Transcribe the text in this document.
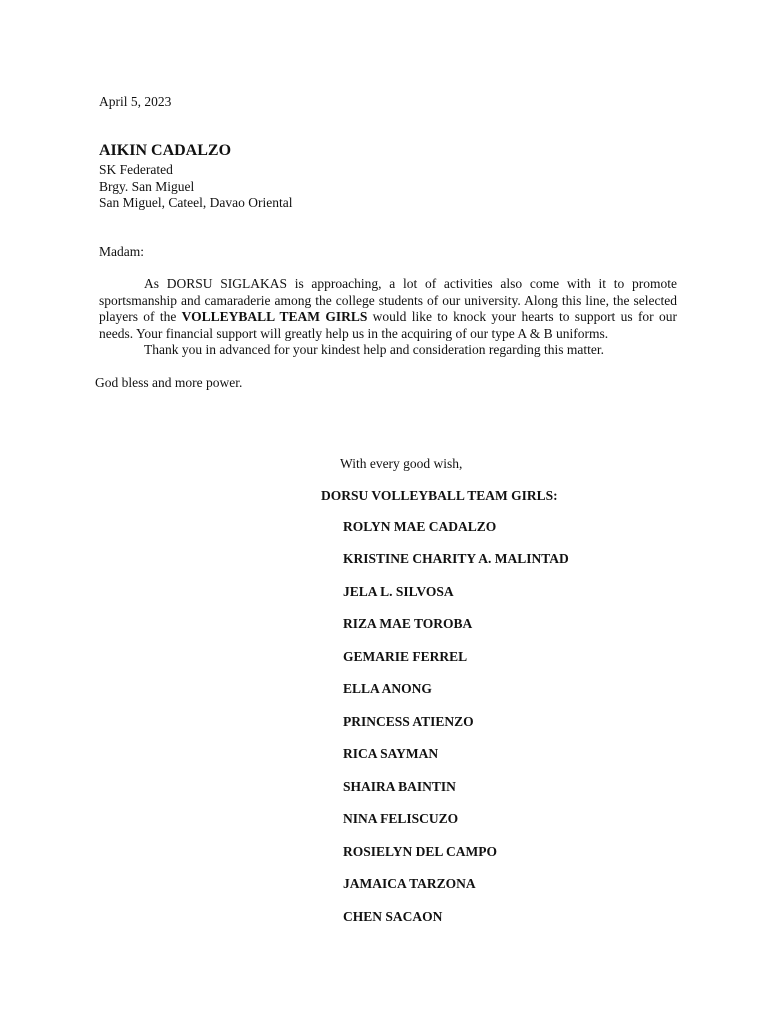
April 5, 2023
AIKIN CADALZO
SK Federated
Brgy. San Miguel
San Miguel, Cateel, Davao Oriental
Madam:

As DORSU SIGLAKAS is approaching, a lot of activities also come with it to promote sportsmanship and camaraderie among the college students of our university. Along this line, the selected players of the VOLLEYBALL TEAM GIRLS would like to knock your hearts to support us for our needs. Your financial support will greatly help us in the acquiring of our type A & B uniforms.

Thank you in advanced for your kindest help and consideration regarding this matter.

God bless and more power.
With every good wish,
DORSU VOLLEYBALL TEAM GIRLS:
ROLYN MAE CADALZO
KRISTINE CHARITY A. MALINTAD
JELA L. SILVOSA
RIZA MAE TOROBA
GEMARIE FERREL
ELLA ANONG
PRINCESS ATIENZO
RICA SAYMAN
SHAIRA BAINTIN
NINA FELISCUZO
ROSIELYN DEL CAMPO
JAMAICA TARZONA
CHEN SACAON
